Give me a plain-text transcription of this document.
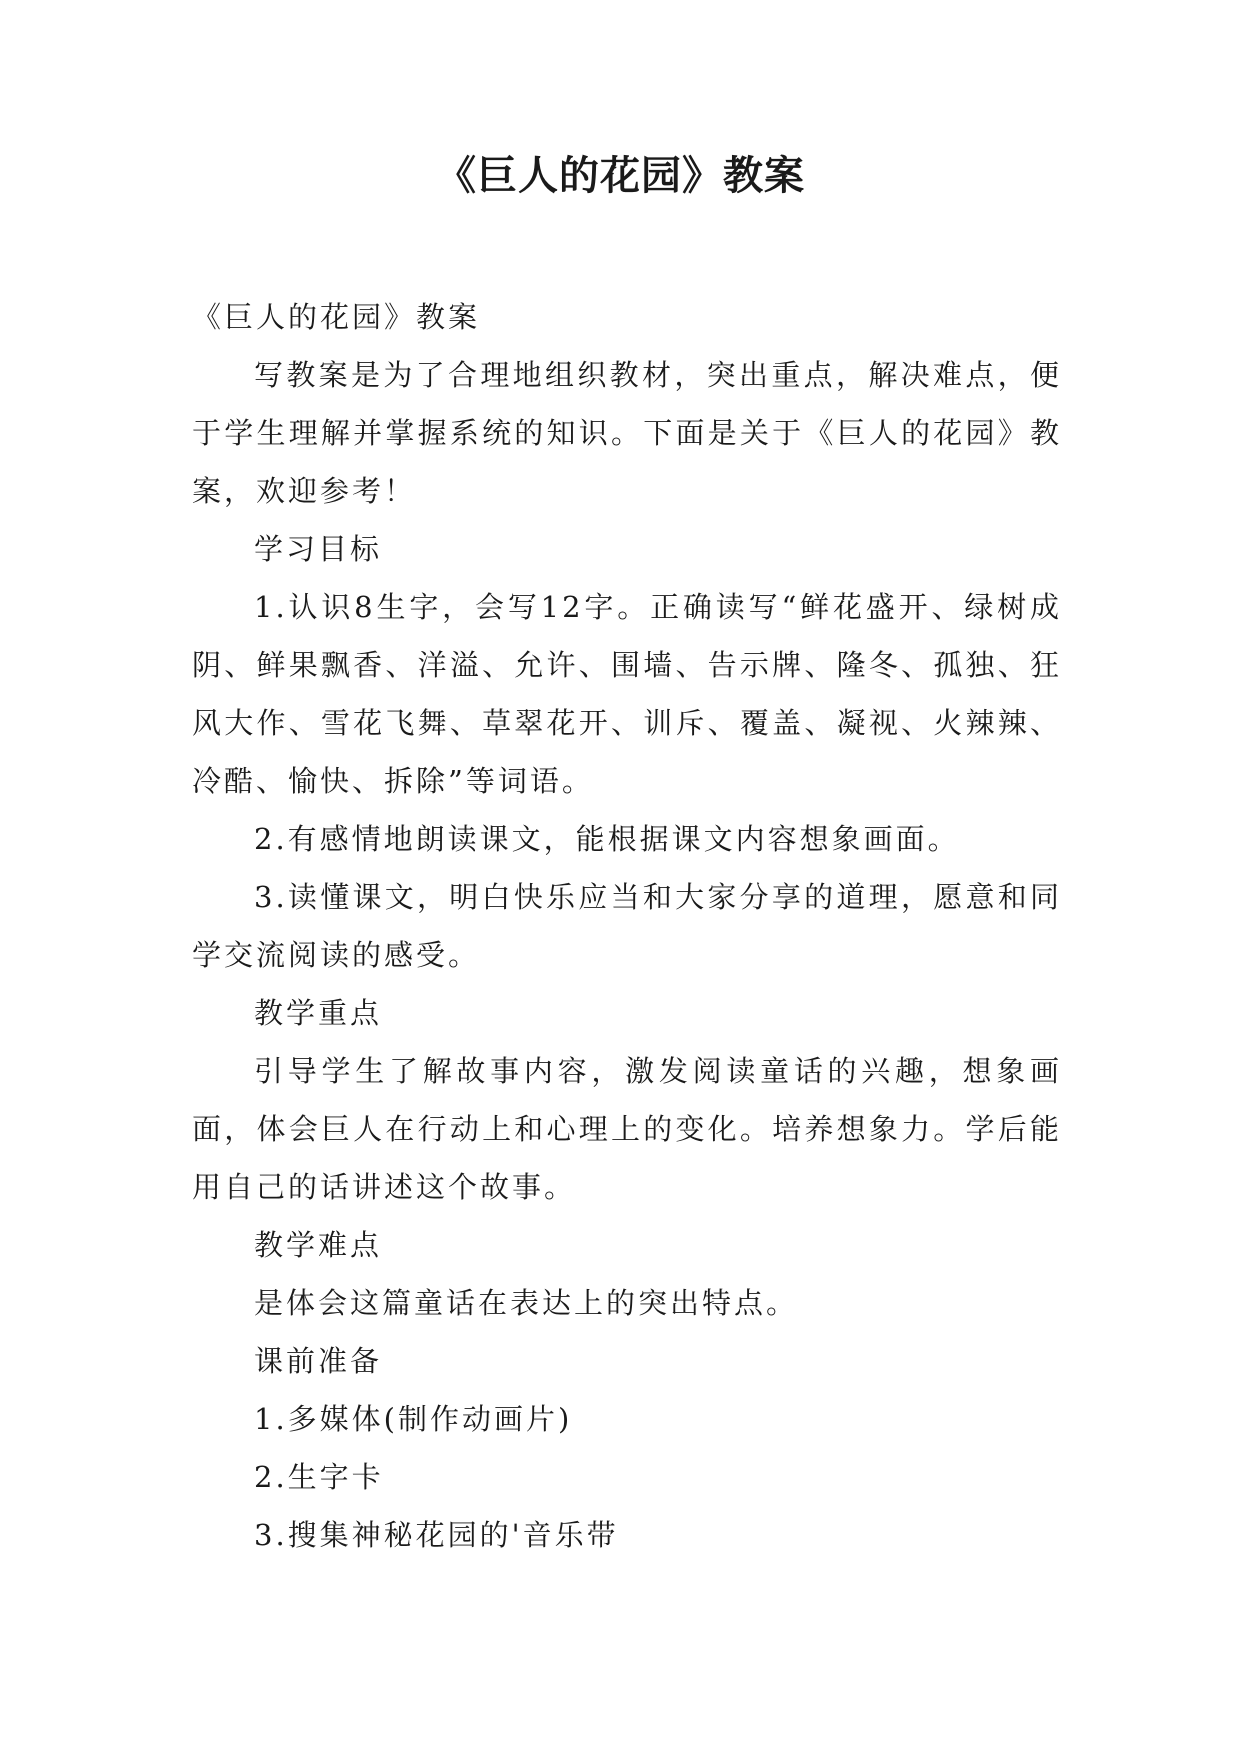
《巨人的花园》教案

《巨人的花园》教案

写教案是为了合理地组织教材，突出重点，解决难点，便于学生理解并掌握系统的知识。下面是关于《巨人的花园》教案，欢迎参考！

学习目标

1.认识8生字，会写12字。正确读写“鲜花盛开、绿树成阴、鲜果飘香、洋溢、允许、围墙、告示牌、隆冬、孤独、狂风大作、雪花飞舞、草翠花开、训斥、覆盖、凝视、火辣辣、冷酷、愉快、拆除”等词语。

2.有感情地朗读课文，能根据课文内容想象画面。

3.读懂课文，明白快乐应当和大家分享的道理，愿意和同学交流阅读的感受。

教学重点

引导学生了解故事内容，激发阅读童话的兴趣，想象画面，体会巨人在行动上和心理上的变化。培养想象力。学后能用自己的话讲述这个故事。

教学难点

是体会这篇童话在表达上的突出特点。

课前准备

1.多媒体(制作动画片)

2.生字卡

3.搜集神秘花园的'音乐带
